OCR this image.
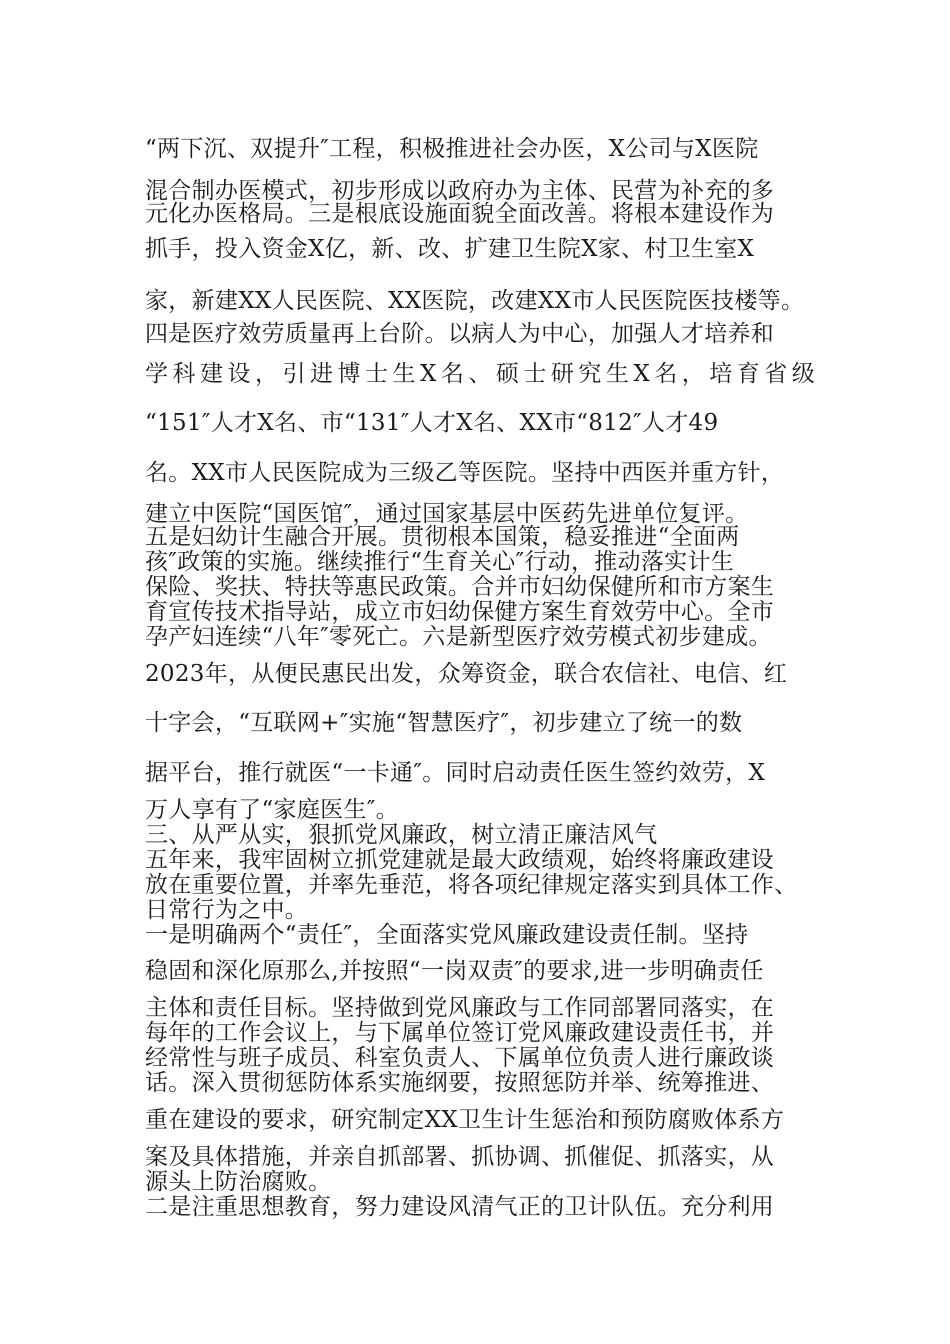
“两下沉、双提升″工程，积极推进社会办医，X公司与X医院
混合制办医模式，初步形成以政府办为主体、民营为补充的多
元化办医格局。三是根底设施面貌全面改善。将根本建设作为
抓手，投入资金X亿，新、改、扩建卫生院X家、村卫生室X
家，新建XX人民医院、XX医院，改建XX市人民医院医技楼等。
四是医疗效劳质量再上台阶。以病人为中心，加强人才培养和
学科建设，引进博士生X名、硕士研究生X名，培育省级
“151″人才X名、市“131″人才X名、XX市“812″人才49
名。XX市人民医院成为三级乙等医院。坚持中西医并重方针，
建立中医院“国医馆″，通过国家基层中医药先进单位复评。
五是妇幼计生融合开展。贯彻根本国策，稳妥推进“全面两
孩″政策的实施。继续推行“生育关心″行动，推动落实计生
保险、奖扶、特扶等惠民政策。合并市妇幼保健所和市方案生
育宣传技术指导站，成立市妇幼保健方案生育效劳中心。全市
孕产妇连续“八年″零死亡。六是新型医疗效劳模式初步建成。
2023年，从便民惠民出发，众筹资金，联合农信社、电信、红
十字会，“互联网+″实施“智慧医疗″，初步建立了统一的数
据平台，推行就医“一卡通″。同时启动责任医生签约效劳，X
万人享有了“家庭医生″。
三、从严从实，狠抓党风廉政，树立清正廉洁风气
五年来，我牢固树立抓党建就是最大政绩观，始终将廉政建设
放在重要位置，并率先垂范，将各项纪律规定落实到具体工作、
日常行为之中。
一是明确两个“责任″，全面落实党风廉政建设责任制。坚持
稳固和深化原那么,并按照“一岗双责″的要求,进一步明确责任
主体和责任目标。坚持做到党风廉政与工作同部署同落实，在
每年的工作会议上，与下属单位签订党风廉政建设责任书，并
经常性与班子成员、科室负责人、下属单位负责人进行廉政谈
话。深入贯彻惩防体系实施纲要，按照惩防并举、统筹推进、
重在建设的要求，研究制定XX卫生计生惩治和预防腐败体系方
案及具体措施，并亲自抓部署、抓协调、抓催促、抓落实，从
源头上防治腐败。
二是注重思想教育，努力建设风清气正的卫计队伍。充分利用
